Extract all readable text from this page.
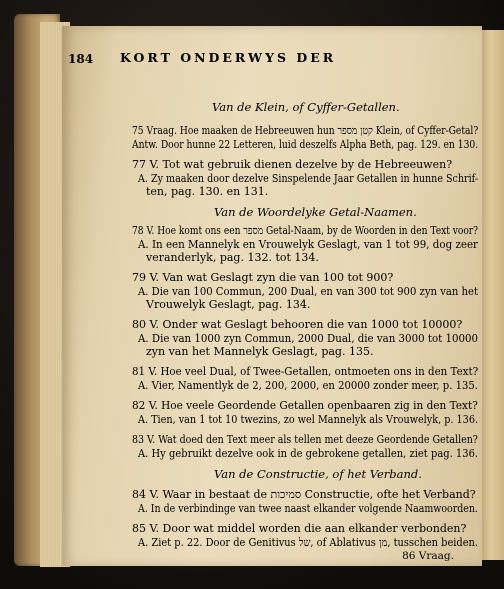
184 KORT ONDERWYS DER
Van de Klein, of Cyffer-Getallen.
75 Vraag. Hoe maaken de Hebreeuwen hun קטן מספר Klein, of Cyffer-Getal?
Antw. Door hunne 22 Letteren, luid deszelfs Alpha Beth, pag. 129. en 130.
77 V. Tot wat gebruik dienen dezelve by de Hebreeuwen?
A. Zy maaken door dezelve Sinspelende Jaar Getallen in hunne Schrif-
ten, pag. 130. en 131.
Van de Woordelyke Getal-Naamen.
78 V. Hoe komt ons een מספר Getal-Naam, by de Woorden in den Text voor?
A. In een Mannelyk en Vrouwelyk Geslagt, van 1 tot 99, dog zeer
veranderlyk, pag. 132. tot 134.
79 V. Van wat Geslagt zyn die van 100 tot 900?
A. Die van 100 Commun, 200 Dual, en van 300 tot 900 zyn van het
Vrouwelyk Geslagt, pag. 134.
80 V. Onder wat Geslagt behooren die van 1000 tot 10000?
A. Die van 1000 zyn Commun, 2000 Dual, die van 3000 tot 10000
zyn van het Mannelyk Geslagt, pag. 135.
81 V. Hoe veel Dual, of Twee-Getallen, ontmoeten ons in den Text?
A. Vier, Namentlyk de 2, 200, 2000, en 20000 zonder meer, p. 135.
82 V. Hoe veele Geordende Getallen openbaaren zig in den Text?
A. Tien, van 1 tot 10 twezins, zo wel Mannelyk als Vrouwelyk, p. 136.
83 V. Wat doed den Text meer als tellen met deeze Geordende Getallen?
A. Hy gebruikt dezelve ook in de gebrokene getallen, ziet pag. 136.
Van de Constructie, of het Verband.
84 V. Waar in bestaat de סמיכות Constructie, ofte het Verband?
A. In de verbindinge van twee naast elkander volgende Naamwoorden.
85 V. Door wat middel worden die aan elkander verbonden?
A. Ziet p. 22. Door de Genitivus של, of Ablativus מן, tusschen beiden.
86 Vraag.
